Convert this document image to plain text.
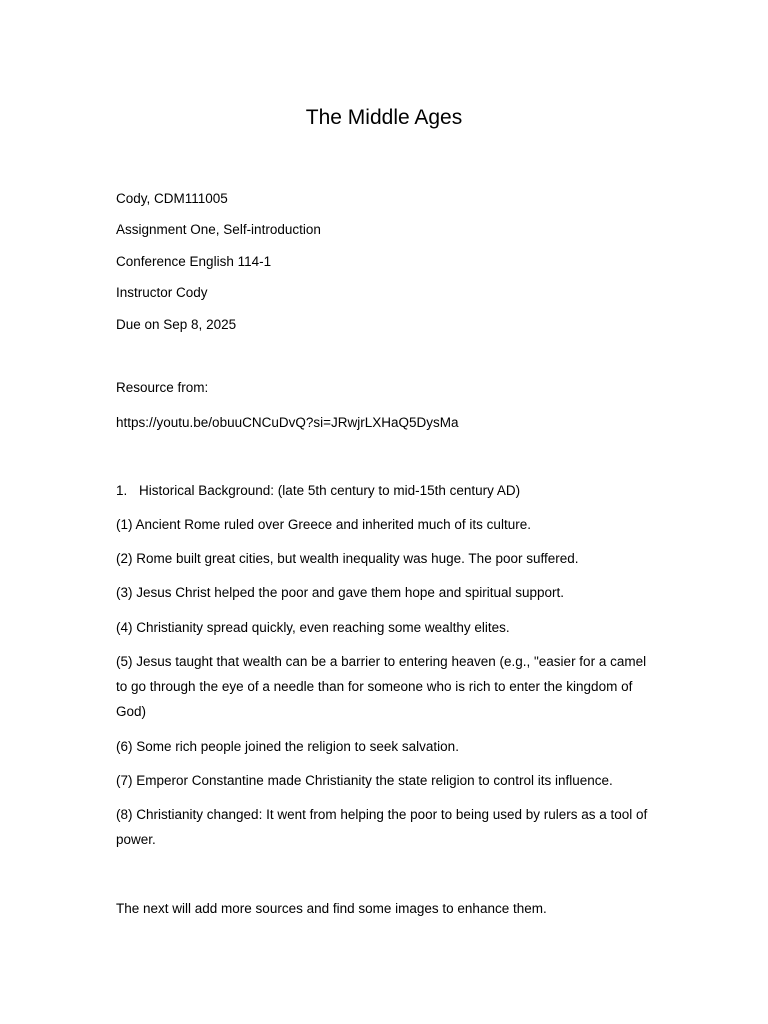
The Middle Ages
Cody, CDM111005
Assignment One, Self-introduction
Conference English 114-1
Instructor Cody
Due on Sep 8, 2025
Resource from:
https://youtu.be/obuuCNCuDvQ?si=JRwjrLXHaQ5DysMa
1. Historical Background: (late 5th century to mid-15th century AD)
(1) Ancient Rome ruled over Greece and inherited much of its culture.
(2) Rome built great cities, but wealth inequality was huge. The poor suffered.
(3) Jesus Christ helped the poor and gave them hope and spiritual support.
(4) Christianity spread quickly, even reaching some wealthy elites.
(5) Jesus taught that wealth can be a barrier to entering heaven (e.g., "easier for a camel to go through the eye of a needle than for someone who is rich to enter the kingdom of God)
(6) Some rich people joined the religion to seek salvation.
(7) Emperor Constantine made Christianity the state religion to control its influence.
(8) Christianity changed: It went from helping the poor to being used by rulers as a tool of power.
The next will add more sources and find some images to enhance them.
